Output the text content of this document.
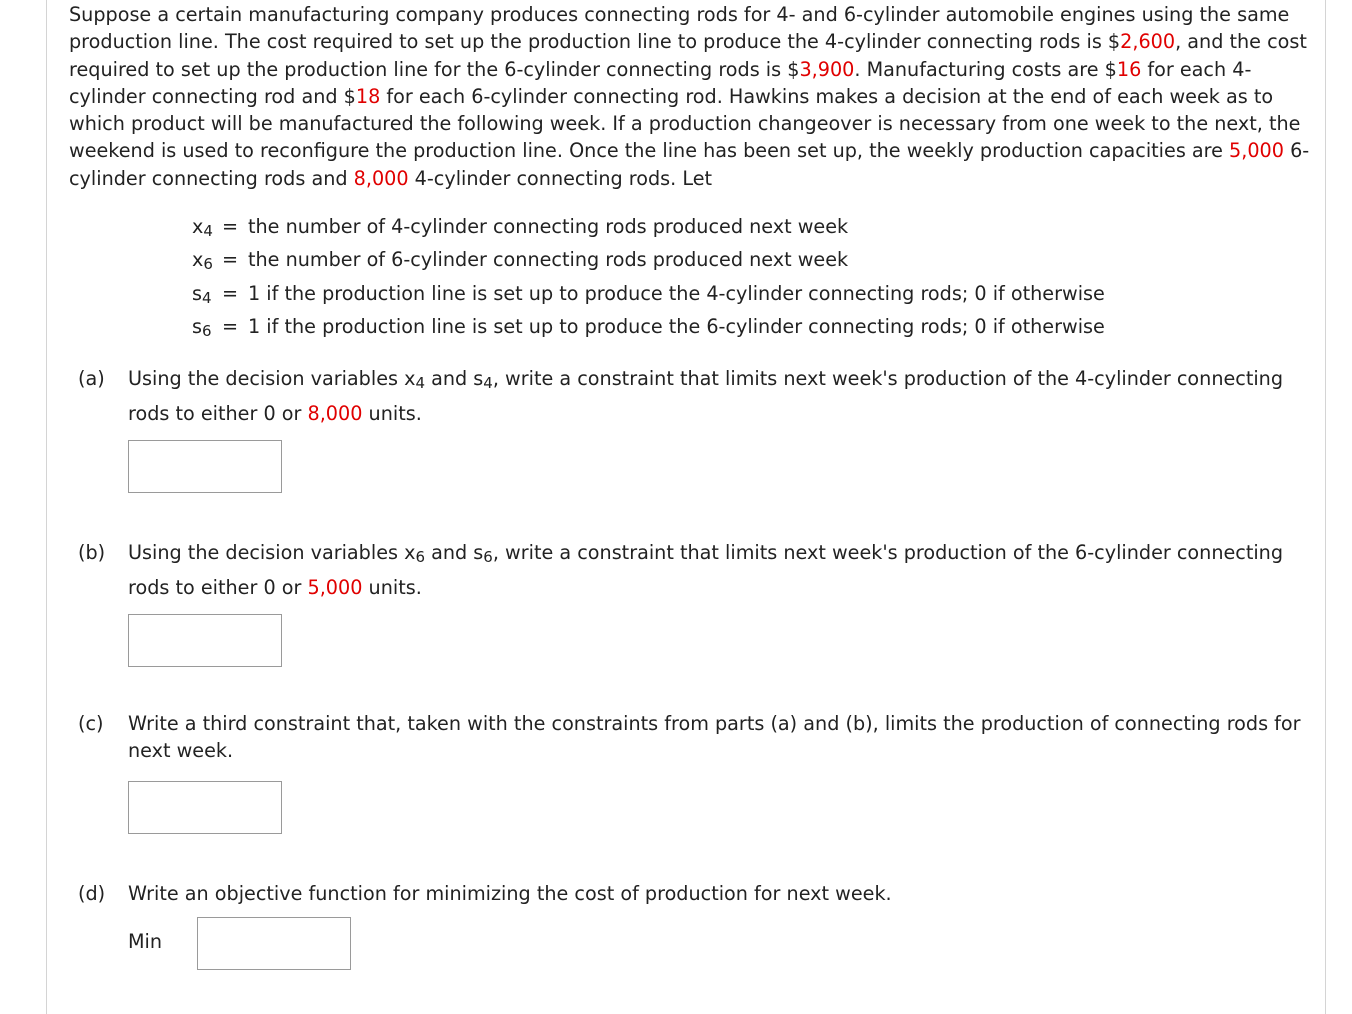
Suppose a certain manufacturing company produces connecting rods for 4- and 6-cylinder automobile engines using the same production line. The cost required to set up the production line to produce the 4-cylinder connecting rods is $2,600, and the cost required to set up the production line for the 6-cylinder connecting rods is $3,900. Manufacturing costs are $16 for each 4-cylinder connecting rod and $18 for each 6-cylinder connecting rod. Hawkins makes a decision at the end of each week as to which product will be manufactured the following week. If a production changeover is necessary from one week to the next, the weekend is used to reconfigure the production line. Once the line has been set up, the weekly production capacities are 5,000 6-cylinder connecting rods and 8,000 4-cylinder connecting rods. Let
$x_4$ = the number of 4-cylinder connecting rods produced next week
$x_6$ = the number of 6-cylinder connecting rods produced next week
$s_4 = 1$ if the production line is set up to produce the 4-cylinder connecting rods; 0 if otherwise
$s_6 = 1$ if the production line is set up to produce the 6-cylinder connecting rods; 0 if otherwise
(a)	Using the decision variables $x_4$ and $s_4$, write a constraint that limits next week's production of the 4-cylinder connecting rods to either 0 or 8,000 units.
(b)	Using the decision variables $x_6$ and $s_6$, write a constraint that limits next week's production of the 6-cylinder connecting rods to either 0 or 5,000 units.
(c)	Write a third constraint that, taken with the constraints from parts (a) and (b), limits the production of connecting rods for next week.
(d)	Write an objective function for minimizing the cost of production for next week.
Min
